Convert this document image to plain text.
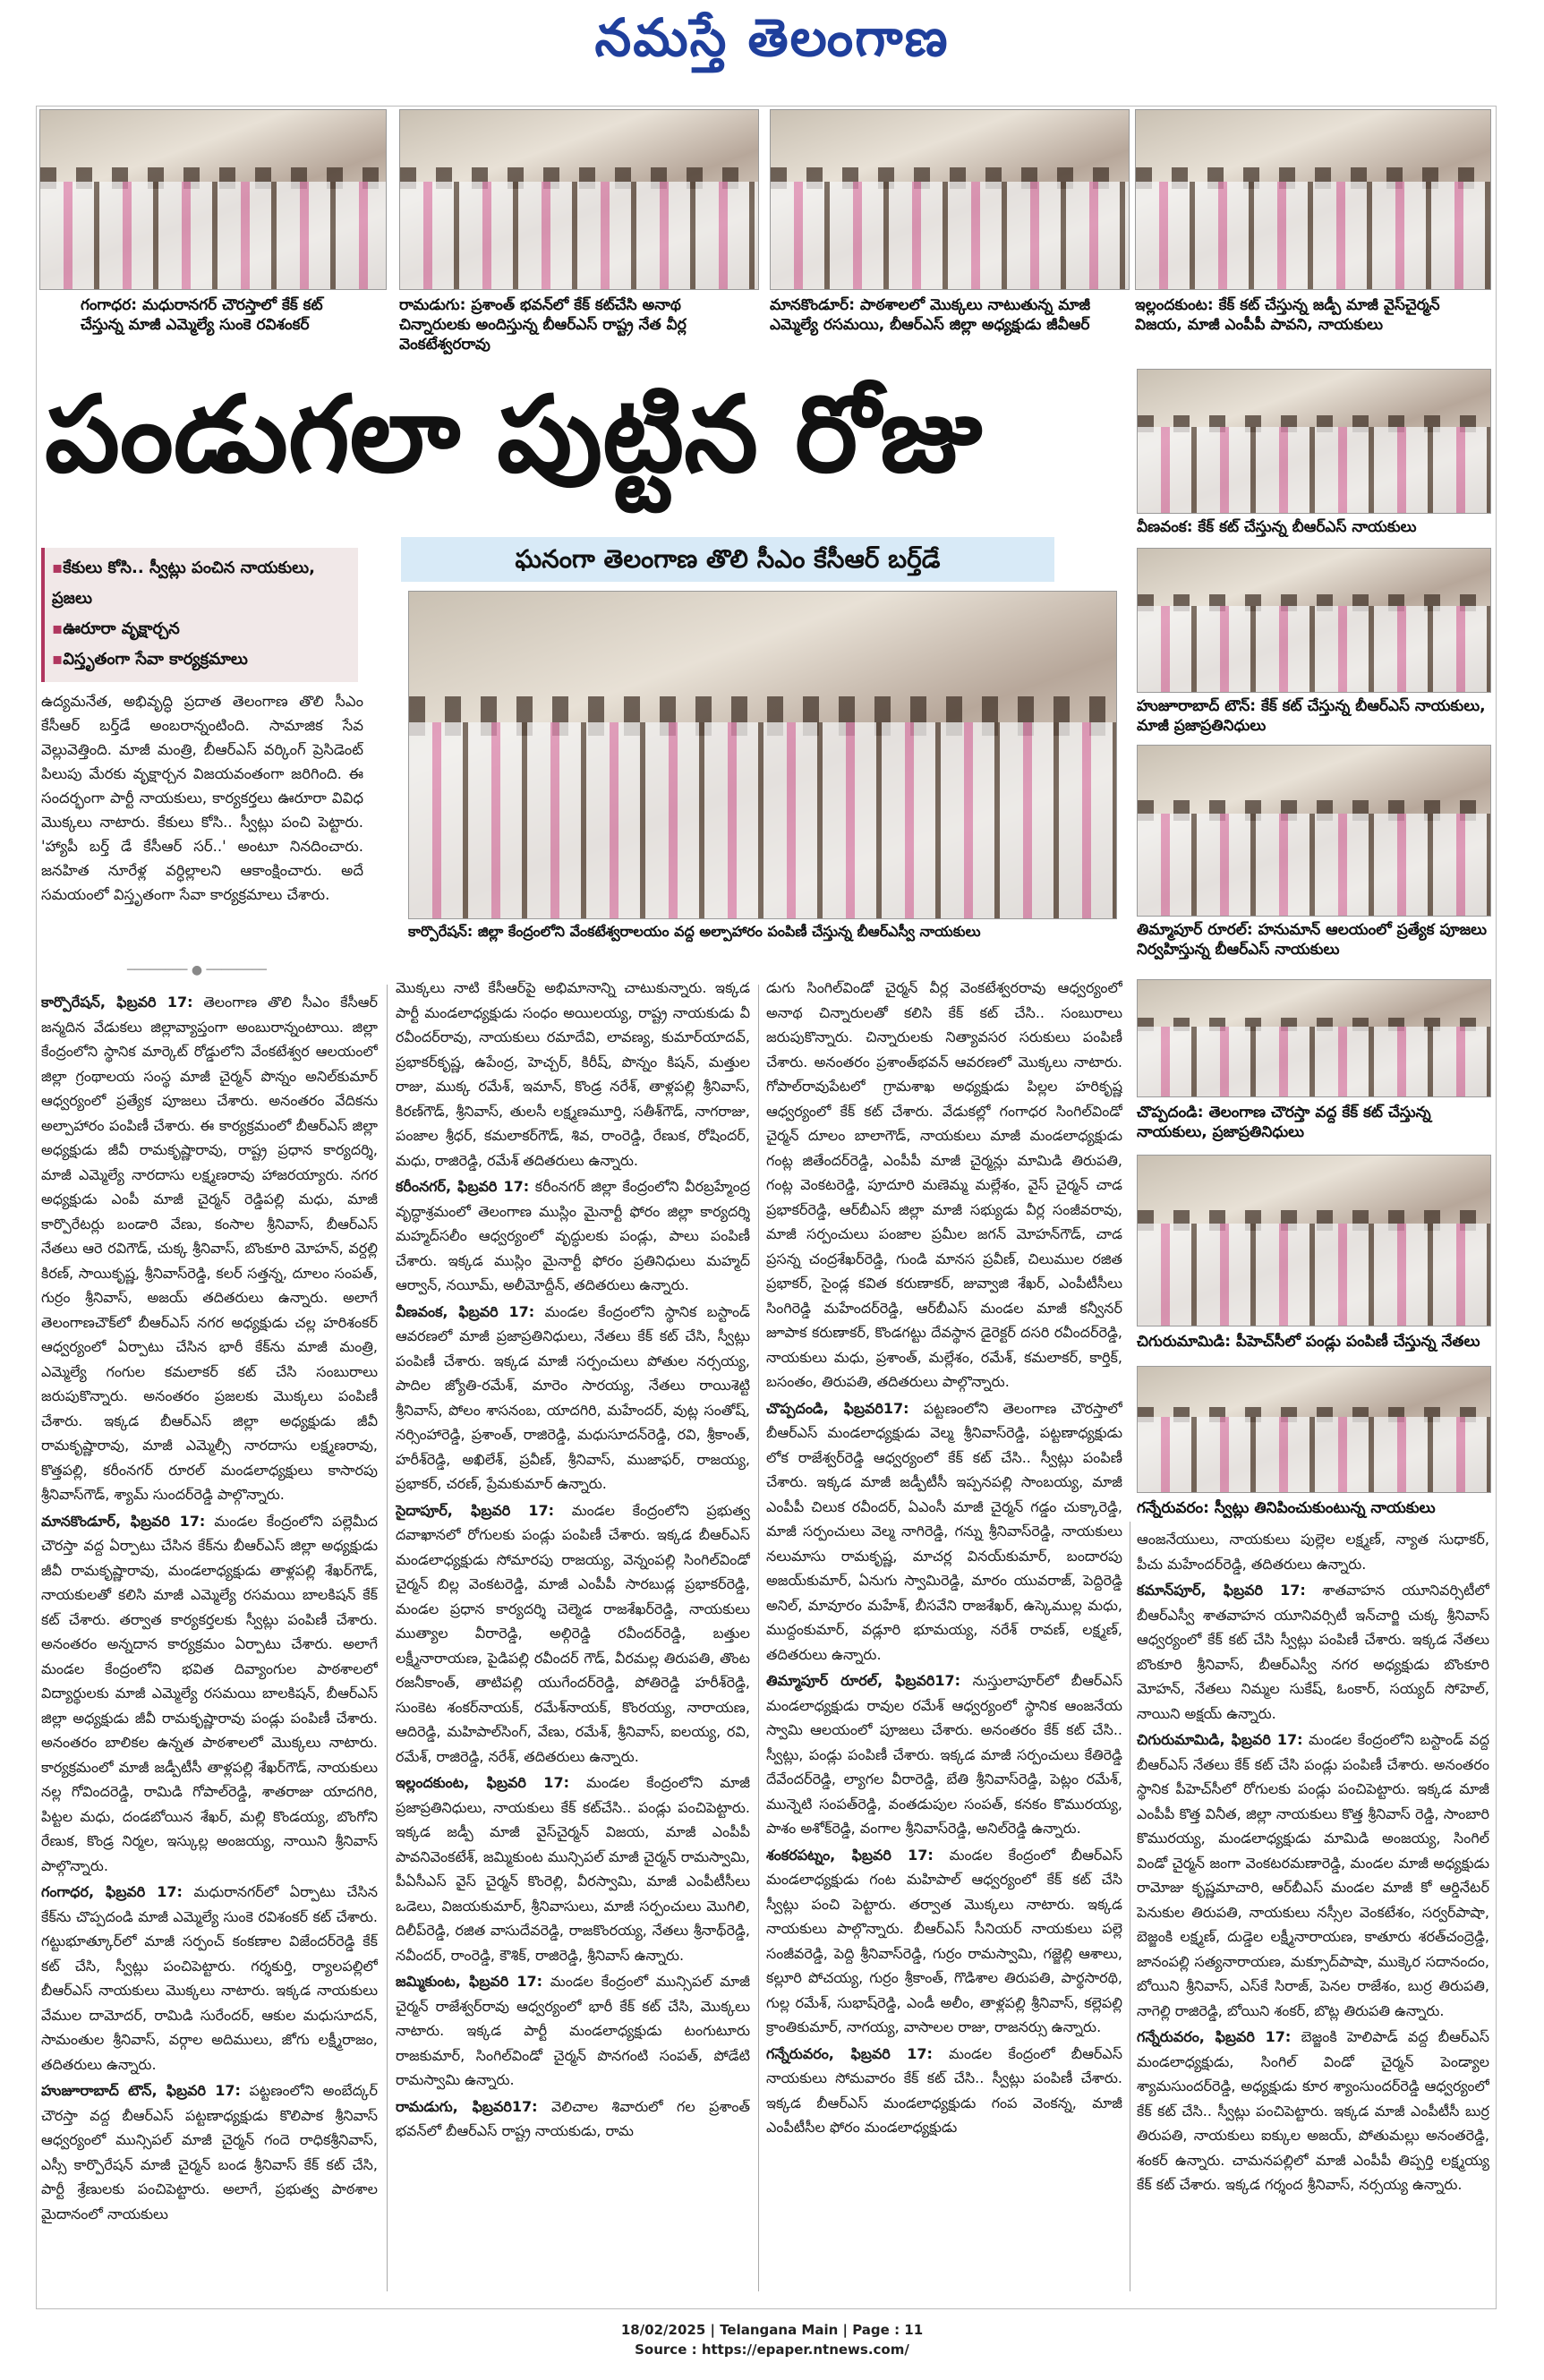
నమస్తే తెలంగాణ
గంగాధర: మధురానగర్ చౌరస్తాలో కేక్ కట్ చేస్తున్న మాజీ ఎమ్మెల్యే సుంకె రవిశంకర్
రామడుగు: ప్రశాంత్ భవన్‌లో కేక్ కట్‌చేసి అనాథ చిన్నారులకు అందిస్తున్న బీఆర్‌ఎస్ రాష్ట్ర నేత వీర్ల వెంకటేశ్వరరావు
మానకొండూర్: పాఠశాలలో మొక్కలు నాటుతున్న మాజీ ఎమ్మెల్యే రసమయి, బీఆర్‌ఎస్ జిల్లా అధ్యక్షుడు జీవీఆర్
ఇల్లందకుంట: కేక్ కట్ చేస్తున్న జడ్పీ మాజీ వైస్‌చైర్మన్ విజయ, మాజీ ఎంపీపీ పావని, నాయకులు
పండుగలా పుట్టిన రోజు
▪ కేకులు కోసి.. స్వీట్లు పంచిన నాయకులు, ప్రజలు
▪ ఊరూరా వృక్షార్చన
▪ విస్తృతంగా సేవా కార్యక్రమాలు
ఉద్యమనేత, అభివృద్ధి ప్రదాత తెలంగాణ తొలి సీఎం కేసీఆర్ బర్త్‌డే అంబరాన్నంటింది. సామాజిక సేవ వెల్లువెత్తింది. మాజీ మంత్రి, బీఆర్‌ఎస్ వర్కింగ్ ప్రెసిడెంట్ పిలుపు మేరకు వృక్షార్చన విజయవంతంగా జరిగింది. ఈ సందర్భంగా పార్టీ నాయకులు, కార్యకర్తలు ఊరూరా వివిధ మొక్కలు నాటారు. కేకులు కోసి.. స్వీట్లు పంచి పెట్టారు. 'హ్యాపీ బర్త్ డే కేసీఆర్ సర్..' అంటూ నినదించారు. జనహిత నూరేళ్ల వర్ధిల్లాలని ఆకాంక్షించారు. అదే సమయంలో విస్తృతంగా సేవా కార్యక్రమాలు చేశారు.
──────── ● ────────
ఘనంగా తెలంగాణ తొలి సీఎం కేసీఆర్ బర్త్‌డే
కార్పొరేషన్: జిల్లా కేంద్రంలోని వేంకటేశ్వరాలయం వద్ద అల్పాహారం పంపిణీ చేస్తున్న బీఆర్‌ఎస్వీ నాయకులు
వీణవంక: కేక్ కట్ చేస్తున్న బీఆర్‌ఎస్ నాయకులు
హుజూరాబాద్ టౌన్: కేక్ కట్ చేస్తున్న బీఆర్‌ఎస్ నాయకులు, మాజీ ప్రజాప్రతినిధులు
తిమ్మాపూర్ రూరల్: హనుమాన్ ఆలయంలో ప్రత్యేక పూజలు నిర్వహిస్తున్న బీఆర్‌ఎస్ నాయకులు
చొప్పదండి: తెలంగాణ చౌరస్తా వద్ద కేక్ కట్ చేస్తున్న నాయకులు, ప్రజాప్రతినిధులు
చిగురుమామిడి: పీహెచ్‌సీలో పండ్లు పంపిణీ చేస్తున్న నేతలు
గన్నేరువరం: స్వీట్లు తినిపించుకుంటున్న నాయకులు

కార్పొరేషన్, ఫిబ్రవరి 17: తెలంగాణ తొలి సీఎం కేసీఆర్ జన్మదిన వేడుకలు జిల్లావ్యాప్తంగా అంబురాన్నంటాయి. జిల్లా కేంద్రంలోని స్థానిక మార్కెట్ రోడ్డులోని వేంకటేశ్వర ఆలయంలో జిల్లా గ్రంథాలయ సంస్థ మాజీ చైర్మన్ పొన్నం అనిల్‌కుమార్ ఆధ్వర్యంలో ప్రత్యేక పూజలు చేశారు. అనంతరం వేదికను అల్పాహారం పంపిణీ చేశారు. ఈ కార్యక్రమంలో బీఆర్‌ఎస్ జిల్లా అధ్యక్షుడు జీవీ రామకృష్ణారావు, రాష్ట్ర ప్రధాన కార్యదర్శి, మాజీ ఎమ్మెల్యే నారదాసు లక్ష్మణరావు హాజరయ్యారు. నగర అధ్యక్షుడు ఎంపీ మాజీ చైర్మన్ రెడ్డిపల్లి మధు, మాజీ కార్పొరేటర్లు బండారి వేణు, కంసాల శ్రీనివాస్, బీఆర్‌ఎస్ నేతలు ఆరె రవిగౌడ్, చుక్క శ్రీనివాస్, బొంకూరి మోహన్, వర్దల్లి కిరణ్, సాయికృష్ణ, శ్రీనివాస్‌రెడ్డి, కలర్ సత్తన్న, దూలం సంపత్, గుర్రం శ్రీనివాస్, అజయ్ తదితరులు ఉన్నారు. అలాగే తెలంగాణచౌక్‌లో బీఆర్‌ఎస్ నగర అధ్యక్షుడు చల్ల హరిశంకర్ ఆధ్వర్యంలో ఏర్పాటు చేసిన భారీ కేక్‌ను మాజీ మంత్రి, ఎమ్మెల్యే గంగుల కమలాకర్ కట్ చేసి సంబురాలు జరుపుకొన్నారు. అనంతరం ప్రజలకు మొక్కలు పంపిణీ చేశారు. ఇక్కడ బీఆర్‌ఎస్ జిల్లా అధ్యక్షుడు జీవీ రామకృష్ణారావు, మాజీ ఎమ్మెల్సీ నారదాసు లక్ష్మణరావు, కొత్తపల్లి, కరీంనగర్ రూరల్ మండలాధ్యక్షులు కాసారపు శ్రీనివాస్‌గౌడ్, శ్యామ్ సుందర్‌రెడ్డి పాల్గొన్నారు.

మానకొండూర్, ఫిబ్రవరి 17: మండల కేంద్రంలోని పల్లెమీద చౌరస్తా వద్ద ఏర్పాటు చేసిన కేక్‌ను బీఆర్‌ఎస్ జిల్లా అధ్యక్షుడు జీవీ రామకృష్ణారావు, మండలాధ్యక్షుడు తాళ్లపల్లి శేఖర్‌గౌడ్, నాయకులతో కలిసి మాజీ ఎమ్మెల్యే రసమయి బాలకిషన్ కేక్ కట్ చేశారు. తర్వాత కార్యకర్తలకు స్వీట్లు పంపిణీ చేశారు. అనంతరం అన్నదాన కార్యక్రమం ఏర్పాటు చేశారు. అలాగే మండల కేంద్రంలోని భవిత దివ్యాంగుల పాఠశాలలో విద్యార్థులకు మాజీ ఎమ్మెల్యే రసమయి బాలకిషన్, బీఆర్‌ఎస్ జిల్లా అధ్యక్షుడు జీవీ రామకృష్ణారావు పండ్లు పంపిణీ చేశారు. అనంతరం బాలికల ఉన్నత పాఠశాలలో మొక్కలు నాటారు. కార్యక్రమంలో మాజీ జడ్పీటీసీ తాళ్లపల్లి శేఖర్‌గౌడ్, నాయకులు నల్ల గోవిందరెడ్డి, రామిడి గోపాల్‌రెడ్డి, శాతరాజు యాదగిరి, పిట్టల మధు, దండబోయిన శేఖర్, మల్లి కొండయ్య, బొంగోని రేణుక, కొండ్ర నిర్మల, ఇస్కుల్ల అంజయ్య, నాయిని శ్రీనివాస్ పాల్గొన్నారు.

గంగాధర, ఫిబ్రవరి 17: మధురానగర్‌లో ఏర్పాటు చేసిన కేక్‌ను చొప్పదండి మాజీ ఎమ్మెల్యే సుంకె రవిశంకర్ కట్ చేశారు. గట్టుభూత్కూర్‌లో మాజీ సర్పంచ్ కంకణాల విజేందర్‌రెడ్డి కేక్ కట్ చేసి, స్వీట్లు పంచిపెట్టారు. గర్శకుర్తి, ర్యాలపల్లిలో బీఆర్‌ఎస్ నాయకులు మొక్కలు నాటారు. ఇక్కడ నాయకులు వేముల దామోదర్, రామిడి సురేందర్, ఆకుల మధుసూదన్, సామంతుల శ్రీనివాస్, వర్గాల అదిములు, జోగు లక్ష్మీరాజం, తదితరులు ఉన్నారు.

హుజూరాబాద్ టౌన్, ఫిబ్రవరి 17: పట్టణంలోని అంబేద్కర్ చౌరస్తా వద్ద బీఆర్‌ఎస్ పట్టణాధ్యక్షుడు కొలిపాక శ్రీనివాస్ ఆధ్వర్యంలో మున్సిపల్ మాజీ చైర్మన్ గందె రాధికశ్రీనివాస్, ఎస్సీ కార్పొరేషన్ మాజీ చైర్మన్ బండ శ్రీనివాస్ కేక్ కట్ చేసి, పార్టీ శ్రేణులకు పంచిపెట్టారు. అలాగే, ప్రభుత్వ పాఠశాల మైదానంలో నాయకులు

మొక్కలు నాటి కేసీఆర్‌పై అభిమానాన్ని చాటుకున్నారు. ఇక్కడ పార్టీ మండలాధ్యక్షుడు సంధం అయిలయ్య, రాష్ట్ర నాయకుడు వీ రవీందర్‌రావు, నాయకులు రమాదేవి, లావణ్య, కుమార్‌యాదవ్, ప్రభాకర్‌కృష్ణ, ఉపేంద్ర, హెచ్చర్, కిరీష్, పొన్నం కిషన్, మత్తుల రాజు, ముక్క రమేశ్, ఇమాన్, కొండ్ర నరేశ్, తాళ్లపల్లి శ్రీనివాస్, కిరణ్‌గౌడ్, శ్రీనివాస్, తులసీ లక్ష్మణమూర్తి, సతీశ్‌గౌడ్, నాగరాజు, పంజాల శ్రీధర్, కమలాకర్‌గౌడ్, శివ, రాంరెడ్డి, రేణుక, రోషిందర్, మధు, రాజిరెడ్డి, రమేశ్ తదితరులు ఉన్నారు.

కరీంనగర్, ఫిబ్రవరి 17: కరీంనగర్ జిల్లా కేంద్రంలోని వీరబ్రహ్మేంద్ర వృద్ధాశ్రమంలో తెలంగాణ ముస్లిం మైనార్టీ ఫోరం జిల్లా కార్యదర్శి మహ్మద్‌సలీం ఆధ్వర్యంలో వృద్ధులకు పండ్లు, పాలు పంపిణీ చేశారు. ఇక్కడ ముస్లిం మైనార్టీ ఫోరం ప్రతినిధులు మహ్మద్ ఆర్వాన్, నయీమ్, అలీమోద్దీన్, తదితరులు ఉన్నారు.

వీణవంక, ఫిబ్రవరి 17: మండల కేంద్రంలోని స్థానిక బస్టాండ్ ఆవరణలో మాజీ ప్రజాప్రతినిధులు, నేతలు కేక్ కట్ చేసి, స్వీట్లు పంపిణీ చేశారు. ఇక్కడ మాజీ సర్పంచులు పోతుల నర్సయ్య, పాదిల జ్యోతి-రమేశ్, మారెం సారయ్య, నేతలు రాయిశెట్టి శ్రీనివాస్, పోలం శాసనంబ, యాదగిరి, మహేందర్, వుట్ల సంతోష్, నర్సింహారెడ్డి, ప్రశాంత్, రాజిరెడ్డి, మధుసూదన్‌రెడ్డి, రవి, శ్రీకాంత్, హరీశ్‌రెడ్డి, అఖిలేశ్, ప్రవీణ్, శ్రీనివాస్, ముజాఫర్, రాజయ్య, ప్రభాకర్, చరణ్, ప్రేమకుమార్ ఉన్నారు.

సైదాపూర్, ఫిబ్రవరి 17: మండల కేంద్రంలోని ప్రభుత్వ దవాఖానలో రోగులకు పండ్లు పంపిణీ చేశారు. ఇక్కడ బీఆర్‌ఎస్ మండలాధ్యక్షుడు సోమారపు రాజయ్య, వెన్నంపల్లి సింగిల్‌విండో చైర్మన్ బిల్ల వెంకటరెడ్డి, మాజీ ఎంపీపీ సారబుడ్ల ప్రభాకర్‌రెడ్డి, మండల ప్రధాన కార్యదర్శి చెల్మెడ రాజశేఖర్‌రెడ్డి, నాయకులు ముత్యాల వీరారెడ్డి, అల్గిరెడ్డి రవీందర్‌రెడ్డి, బత్తుల లక్ష్మీనారాయణ, పైడిపల్లి రవీందర్ గౌడ్, వీరమల్ల తిరుపతి, తొంట రజనీకాంత్, తాటిపల్లి యుగేందర్‌రెడ్డి, పోతిరెడ్డి హరీశ్‌రెడ్డి, సుంకెట శంకర్‌నాయక్, రమేశ్‌నాయక్, కొంరయ్య, నారాయణ, ఆదిరెడ్డి, మహిపాల్‌సింగ్, వేణు, రమేశ్, శ్రీనివాస్, ఐలయ్య, రవి, రమేశ్, రాజిరెడ్డి, నరేశ్, తదితరులు ఉన్నారు.

ఇల్లందకుంట, ఫిబ్రవరి 17: మండల కేంద్రంలోని మాజీ ప్రజాప్రతినిధులు, నాయకులు కేక్ కట్‌చేసి.. పండ్లు పంచిపెట్టారు. ఇక్కడ జడ్పీ మాజీ వైస్‌చైర్మన్ విజయ, మాజీ ఎంపీపీ పావనివెంకటేశ్, జమ్మికుంట మున్సిపల్ మాజీ చైర్మన్ రామస్వామి, పీఏసీఎస్ వైస్ చైర్మన్ కొంరెల్లి, వీరస్వామి, మాజీ ఎంపీటీసీలు ఒడెలు, విజయకుమార్, శ్రీనివాసులు, మాజీ సర్పంచులు మొగిలి, దిలీప్‌రెడ్డి, రజిత వాసుదేవరెడ్డి, రాజకొంరయ్య, నేతలు శ్రీనాథ్‌రెడ్డి, నవీందర్, రాంరెడ్డి, కౌశిక్, రాజిరెడ్డి, శ్రీనివాస్ ఉన్నారు.

జమ్మికుంట, ఫిబ్రవరి 17: మండల కేంద్రంలో మున్సిపల్ మాజీ చైర్మన్ రాజేశ్వర్‌రావు ఆధ్వర్యంలో భారీ కేక్ కట్ చేసి, మొక్కలు నాటారు. ఇక్కడ పార్టీ మండలాధ్యక్షుడు టంగుటూరు రాజకుమార్, సింగిల్‌విండో చైర్మన్ పొనగంటి సంపత్, పోడేటి రామస్వామి ఉన్నారు.

రామడుగు, ఫిబ్రవరి17: వెలిచాల శివారులో గల ప్రశాంత్ భవన్‌లో బీఆర్‌ఎస్ రాష్ట్ర నాయకుడు, రామ

డుగు సింగిల్‌విండో చైర్మన్ వీర్ల వెంకటేశ్వరరావు ఆధ్వర్యంలో అనాథ చిన్నారులతో కలిసి కేక్ కట్ చేసి.. సంబురాలు జరుపుకొన్నారు. చిన్నారులకు నిత్యావసర సరుకులు పంపిణీ చేశారు. అనంతరం ప్రశాంత్‌భవన్ ఆవరణలో మొక్కలు నాటారు. గోపాల్‌రావుపేటలో గ్రామశాఖ అధ్యక్షుడు పిల్లల హరికృష్ణ ఆధ్వర్యంలో కేక్ కట్ చేశారు. వేడుకల్లో గంగాధర సింగిల్‌విండో చైర్మన్ దూలం బాలాగౌడ్, నాయకులు మాజీ మండలాధ్యక్షుడు గంట్ల జితేందర్‌రెడ్డి, ఎంపీపీ మాజీ చైర్మన్లు మామిడి తిరుపతి, గంట్ల వెంకటరెడ్డి, పూదూరి మణెమ్మ మల్లేశం, వైస్ చైర్మన్ చాడ ప్రభాకర్‌రెడ్డి, ఆర్‌బీఎస్ జిల్లా మాజీ సభ్యుడు వీర్ల సంజీవరావు, మాజీ సర్పంచులు పంజాల ప్రమీల జగన్ మోహన్‌గౌడ్, చాడ ప్రసన్న చంద్రశేఖర్‌రెడ్డి, గుండి మానస ప్రవీణ్, చిలుముల రజిత ప్రభాకర్, సైండ్ల కవిత కరుణాకర్, జువ్వాజి శేఖర్, ఎంపీటీసీలు సింగిరెడ్డి మహేందర్‌రెడ్డి, ఆర్‌బీఎస్ మండల మాజీ కన్వీనర్ జూపాక కరుణాకర్, కొండగట్టు దేవస్థాన డైరెక్టర్ దసరి రవీందర్‌రెడ్డి, నాయకులు మధు, ప్రశాంత్, మల్లేశం, రమేశ్, కమలాకర్, కార్తిక్, బసంతం, తిరుపతి, తదితరులు పాల్గొన్నారు.

చొప్పదండి, ఫిబ్రవరి17: పట్టణంలోని తెలంగాణ చౌరస్తాలో బీఆర్‌ఎస్ మండలాధ్యక్షుడు వెల్మ శ్రీనివాస్‌రెడ్డి, పట్టణాధ్యక్షుడు లోక రాజేశ్వర్‌రెడ్డి ఆధ్వర్యంలో కేక్ కట్ చేసి.. స్వీట్లు పంపిణీ చేశారు. ఇక్కడ మాజీ జడ్పీటీసీ ఇప్పనపల్లి సాంబయ్య, మాజీ ఎంపీపీ చిలుక రవీందర్, ఏఎంసీ మాజీ చైర్మన్ గడ్డం చుక్కారెడ్డి, మాజీ సర్పంచులు వెల్మ నాగిరెడ్డి, గన్ను శ్రీనివాస్‌రెడ్డి, నాయకులు నలుమాసు రామకృష్ణ, మాచర్ల వినయ్‌కుమార్, బందారపు అజయ్‌కుమార్, ఏనుగు స్వామిరెడ్డి, మారం యువరాజ్, పెద్దిరెడ్డి అనిల్, మావూరం మహేశ్, బీసవేని రాజశేఖర్, ఉస్కెముల్ల మధు, ముద్దంకుమార్, వడ్లూరి భూమయ్య, నరేశ్ రావణ్, లక్ష్మణ్, తదితరులు ఉన్నారు.

తిమ్మాపూర్ రూరల్, ఫిబ్రవరి17: నుస్తులాపూర్‌లో బీఆర్‌ఎస్ మండలాధ్యక్షుడు రావుల రమేశ్ ఆధ్వర్యంలో స్థానిక ఆంజనేయ స్వామి ఆలయంలో పూజలు చేశారు. అనంతరం కేక్ కట్ చేసి.. స్వీట్లు, పండ్లు పంపిణీ చేశారు. ఇక్కడ మాజీ సర్పంచులు కేతిరెడ్డి దేవేందర్‌రెడ్డి, ల్యాగల వీరారెడ్డి, బేతి శ్రీనివాస్‌రెడ్డి, పెట్లం రమేశ్, మున్నెటి సంపత్‌రెడ్డి, వంతడుపుల సంపత్, కనకం కొమురయ్య, పాశం అశోక్‌రెడ్డి, వంగాల శ్రీనివాస్‌రెడ్డి, అనిల్‌రెడ్డి ఉన్నారు.

శంకరపట్నం, ఫిబ్రవరి 17: మండల కేంద్రంలో బీఆర్‌ఎస్ మండలాధ్యక్షుడు గంట మహిపాల్ ఆధ్వర్యంలో కేక్ కట్ చేసి స్వీట్లు పంచి పెట్టారు. తర్వాత మొక్కలు నాటారు. ఇక్కడ నాయకులు పాల్గొన్నారు. బీఆర్‌ఎస్ సీనియర్ నాయకులు పల్లె సంజీవరెడ్డి, పెద్ది శ్రీనివాస్‌రెడ్డి, గుర్రం రామస్వామి, గజ్జెల్లి ఆశాలు, కల్లూరి పోచయ్య, గుర్రం శ్రీకాంత్, గొడిశాల తిరుపతి, పార్థసారథి, గుల్ల రమేశ్, సుభాష్‌రెడ్డి, ఎండీ అలీం, తాళ్లపల్లి శ్రీనివాస్, కల్లెపల్లి క్రాంతికుమార్, నాగయ్య, వాసాలల రాజు, రాజనర్సు ఉన్నారు.

గన్నేరువరం, ఫిబ్రవరి 17: మండల కేంద్రంలో బీఆర్‌ఎస్ నాయకులు సోమవారం కేక్ కట్ చేసి.. స్వీట్లు పంపిణీ చేశారు. ఇక్కడ బీఆర్‌ఎస్ మండలాధ్యక్షుడు గంప వెంకన్న, మాజీ ఎంపీటీసీల ఫోరం మండలాధ్యక్షుడు

ఆంజనేయులు, నాయకులు పుల్లెల లక్ష్మణ్, న్యాత సుధాకర్, పీచు మహేందర్‌రెడ్డి, తదితరులు ఉన్నారు.

కమాన్‌పూర్, ఫిబ్రవరి 17: శాతవాహన యూనివర్సిటీలో బీఆర్‌ఎస్వీ శాతవాహన యూనివర్సిటీ ఇన్‌చార్జి చుక్క శ్రీనివాస్ ఆధ్వర్యంలో కేక్ కట్ చేసి స్వీట్లు పంపిణీ చేశారు. ఇక్కడ నేతలు బొంకూరి శ్రీనివాస్, బీఆర్‌ఎస్వీ నగర అధ్యక్షుడు బొంకూరి మోహన్, నేతలు నిమ్మల సుకేష్, ఓంకార్, సయ్యద్ సోహెల్, నాయిని అక్షయ్ ఉన్నారు.

చిగురుమామిడి, ఫిబ్రవరి 17: మండల కేంద్రంలోని బస్టాండ్ వద్ద బీఆర్‌ఎస్ నేతలు కేక్ కట్ చేసి పండ్లు పంపిణీ చేశారు. అనంతరం స్థానిక పీహెచ్‌సీలో రోగులకు పండ్లు పంచిపెట్టారు. ఇక్కడ మాజీ ఎంపీపీ కొత్త వినీత, జిల్లా నాయకులు కొత్త శ్రీనివాస్ రెడ్డి, సాంబారి కొమురయ్య, మండలాధ్యక్షుడు మామిడి అంజయ్య, సింగిల్ విండో చైర్మన్ జంగా వెంకటరమణారెడ్డి, మండల మాజీ అధ్యక్షుడు రామోజు కృష్ణమాచారి, ఆర్‌బీఎస్ మండల మాజీ కో ఆర్డినేటర్ పెనుకుల తిరుపతి, నాయకులు నస్సీల వెంకటేశం, సర్వర్‌పాషా, బెజ్జంకి లక్ష్మణ్, దుడ్డెల లక్ష్మీనారాయణ, కాతూరు శరత్‌చంద్రెడ్డి, జానంపల్లి సత్యనారాయణ, మక్సూద్‌పాషా, ముక్కెర సదానందం, బోయిని శ్రీనివాస్, ఎస్‌కే సిరాజ్, పెనల రాజేశం, బుర్ర తిరుపతి, నాగెల్లి రాజిరెడ్డి, బోయిని శంకర్, బొట్ల తిరుపతి ఉన్నారు.

గన్నేరువరం, ఫిబ్రవరి 17: బెజ్జంకి హెలిపాడ్ వద్ద బీఆర్‌ఎస్ మండలాధ్యక్షుడు, సింగిల్ విండో చైర్మన్ పెండ్యాల శ్యామసుందర్‌రెడ్డి, అధ్యక్షుడు కూర శ్యాంసుందర్‌రెడ్డి ఆధ్వర్యంలో కేక్ కట్ చేసి.. స్వీట్లు పంచిపెట్టారు. ఇక్కడ మాజీ ఎంపీటీసీ బుర్ర తిరుపతి, నాయకులు ఐక్కుల అజయ్, పోతుమల్లు అనంతరెడ్డి, శంకర్ ఉన్నారు. చామనపల్లిలో మాజీ ఎంపీపీ తిప్పర్తి లక్ష్మయ్య కేక్ కట్ చేశారు. ఇక్కడ గర్శంద శ్రీనివాస్, నర్సయ్య ఉన్నారు.

18/02/2025 | Telangana Main | Page : 11
Source : https://epaper.ntnews.com/
